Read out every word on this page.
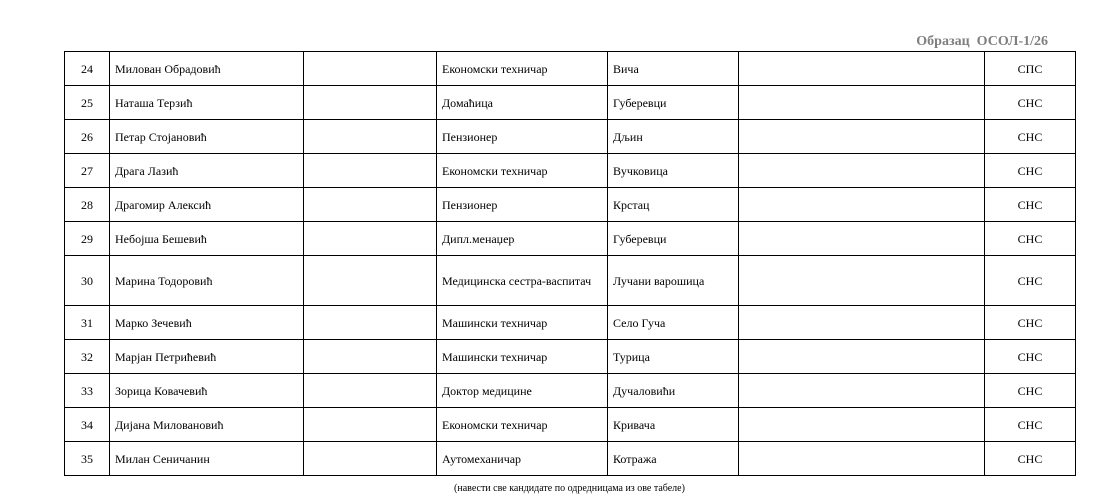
Образац  ОСОЛ-1/26
24	Милован Обрадовић		Економски техничар	Вича		СПС
25	Наташа Терзић		Домаћица	Губеревци		СНС
26	Петар Стојановић		Пензионер	Дљин		СНС
27	Драга Лазић		Економски техничар	Вучковица		СНС
28	Драгомир Алексић		Пензионер	Крстац		СНС
29	Небојша Бешевић		Дипл.менаџер	Губеревци		СНС
30	Марина Тодоровић		Медицинска сестра-васпитач	Лучани варошица		СНС
31	Марко Зечевић		Машински техничар	Село Гуча		СНС
32	Марјан Петрићевић		Машински техничар	Турица		СНС
33	Зорица Ковачевић		Доктор медицине	Дучаловићи		СНС
34	Дијана Миловановић		Економски техничар	Кривача		СНС
35	Милан Сеничанин		Аутомеханичар	Котража		СНС
(навести све кандидате по одредницама из ове табеле)
